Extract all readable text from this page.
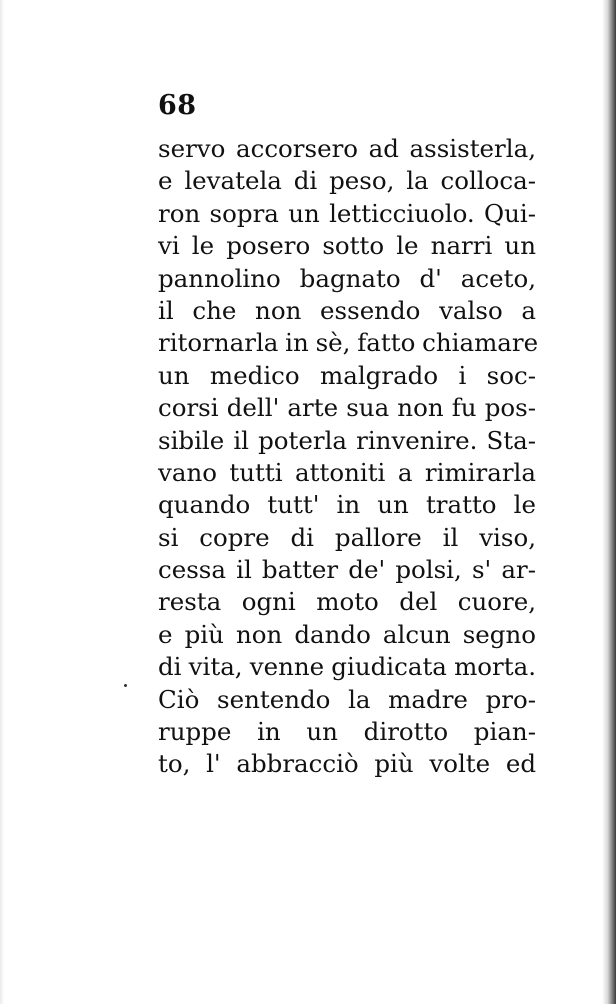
68
servo accorsero ad assisterla,
e levatela di peso, la colloca-
ron sopra un letticciuolo. Qui-
vi le posero sotto le narri un
pannolino bagnato d' aceto,
il che non essendo valso a
ritornarla in sè, fatto chiamare
un medico malgrado i soc-
corsi dell' arte sua non fu pos-
sibile il poterla rinvenire. Sta-
vano tutti attoniti a rimirarla
quando tutt' in un tratto le
si copre di pallore il viso,
cessa il batter de' polsi, s' ar-
resta ogni moto del cuore,
e più non dando alcun segno
di vita, venne giudicata morta.
Ciò sentendo la madre pro-
ruppe in un dirotto pian-
to, l' abbracciò più volte ed
